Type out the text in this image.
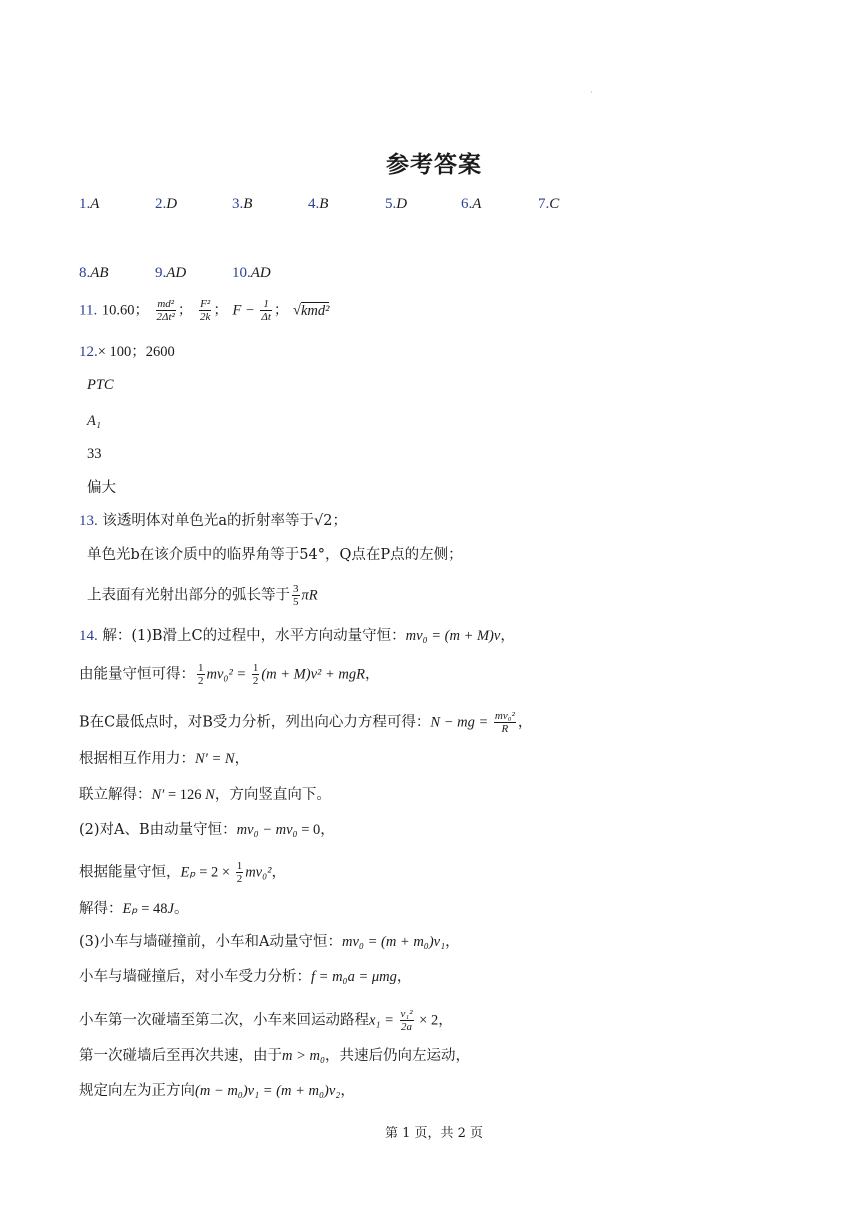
·
参考答案
1.A	2.D	3.B	4.B	5.D	6.A	7.C
8.AB	9.AD	10.AD
11. 10.60； $\frac{\text{md²}}{\text{2Δt²}}$ ； $\frac{\text{F²}}{2k}$ ； $F - \frac{1}{\Delta t}$ ； √kmd²
12.× 100；2600
PTC
A₁
33
偏大
13. 该透明体对单色光a的折射率等于√2；
单色光b在该介质中的临界角等于54°，Q点在P点的左侧；
上表面有光射出部分的弧长等于 $\frac{3}{5}$ πR
14. 解：(1)B滑上C的过程中，水平方向动量守恒：mv₀ = (m + M)v，
由能量守恒可得： $\frac{1}{2} mv_0^2 = \frac{1}{2} (m + M)v^2$ + mgR，
B在C最低点时，对B受力分析，列出向心力方程可得：N − mg = $\frac{\text{mv₀²}}{R}$ ，
根据相互作用力：N′ = N，
联立解得：N′ = 126 N，方向竖直向下。
(2)对A、B由动量守恒：mv₀ − mv₀ = 0，
根据能量守恒，$E_p = 2 \times \frac{1}{2} mv_0^2$，
解得：Eₚ = 48J。
(3)小车与墙碰撞前，小车和A动量守恒：mv₀ = (m + m₀)v₁，
小车与墙碰撞后，对小车受力分析：f = m₀a = μmg，
小车第一次碰墙至第二次，小车来回运动路程$x_1 = \frac{\text{v₁²}}{2a} \times 2$，
第一次碰墙后至再次共速，由于m > m₀，共速后仍向左运动，
规定向左为正方向(m − m₀)v₁ = (m + m₀)v₂，
第 1 页，共 2 页
